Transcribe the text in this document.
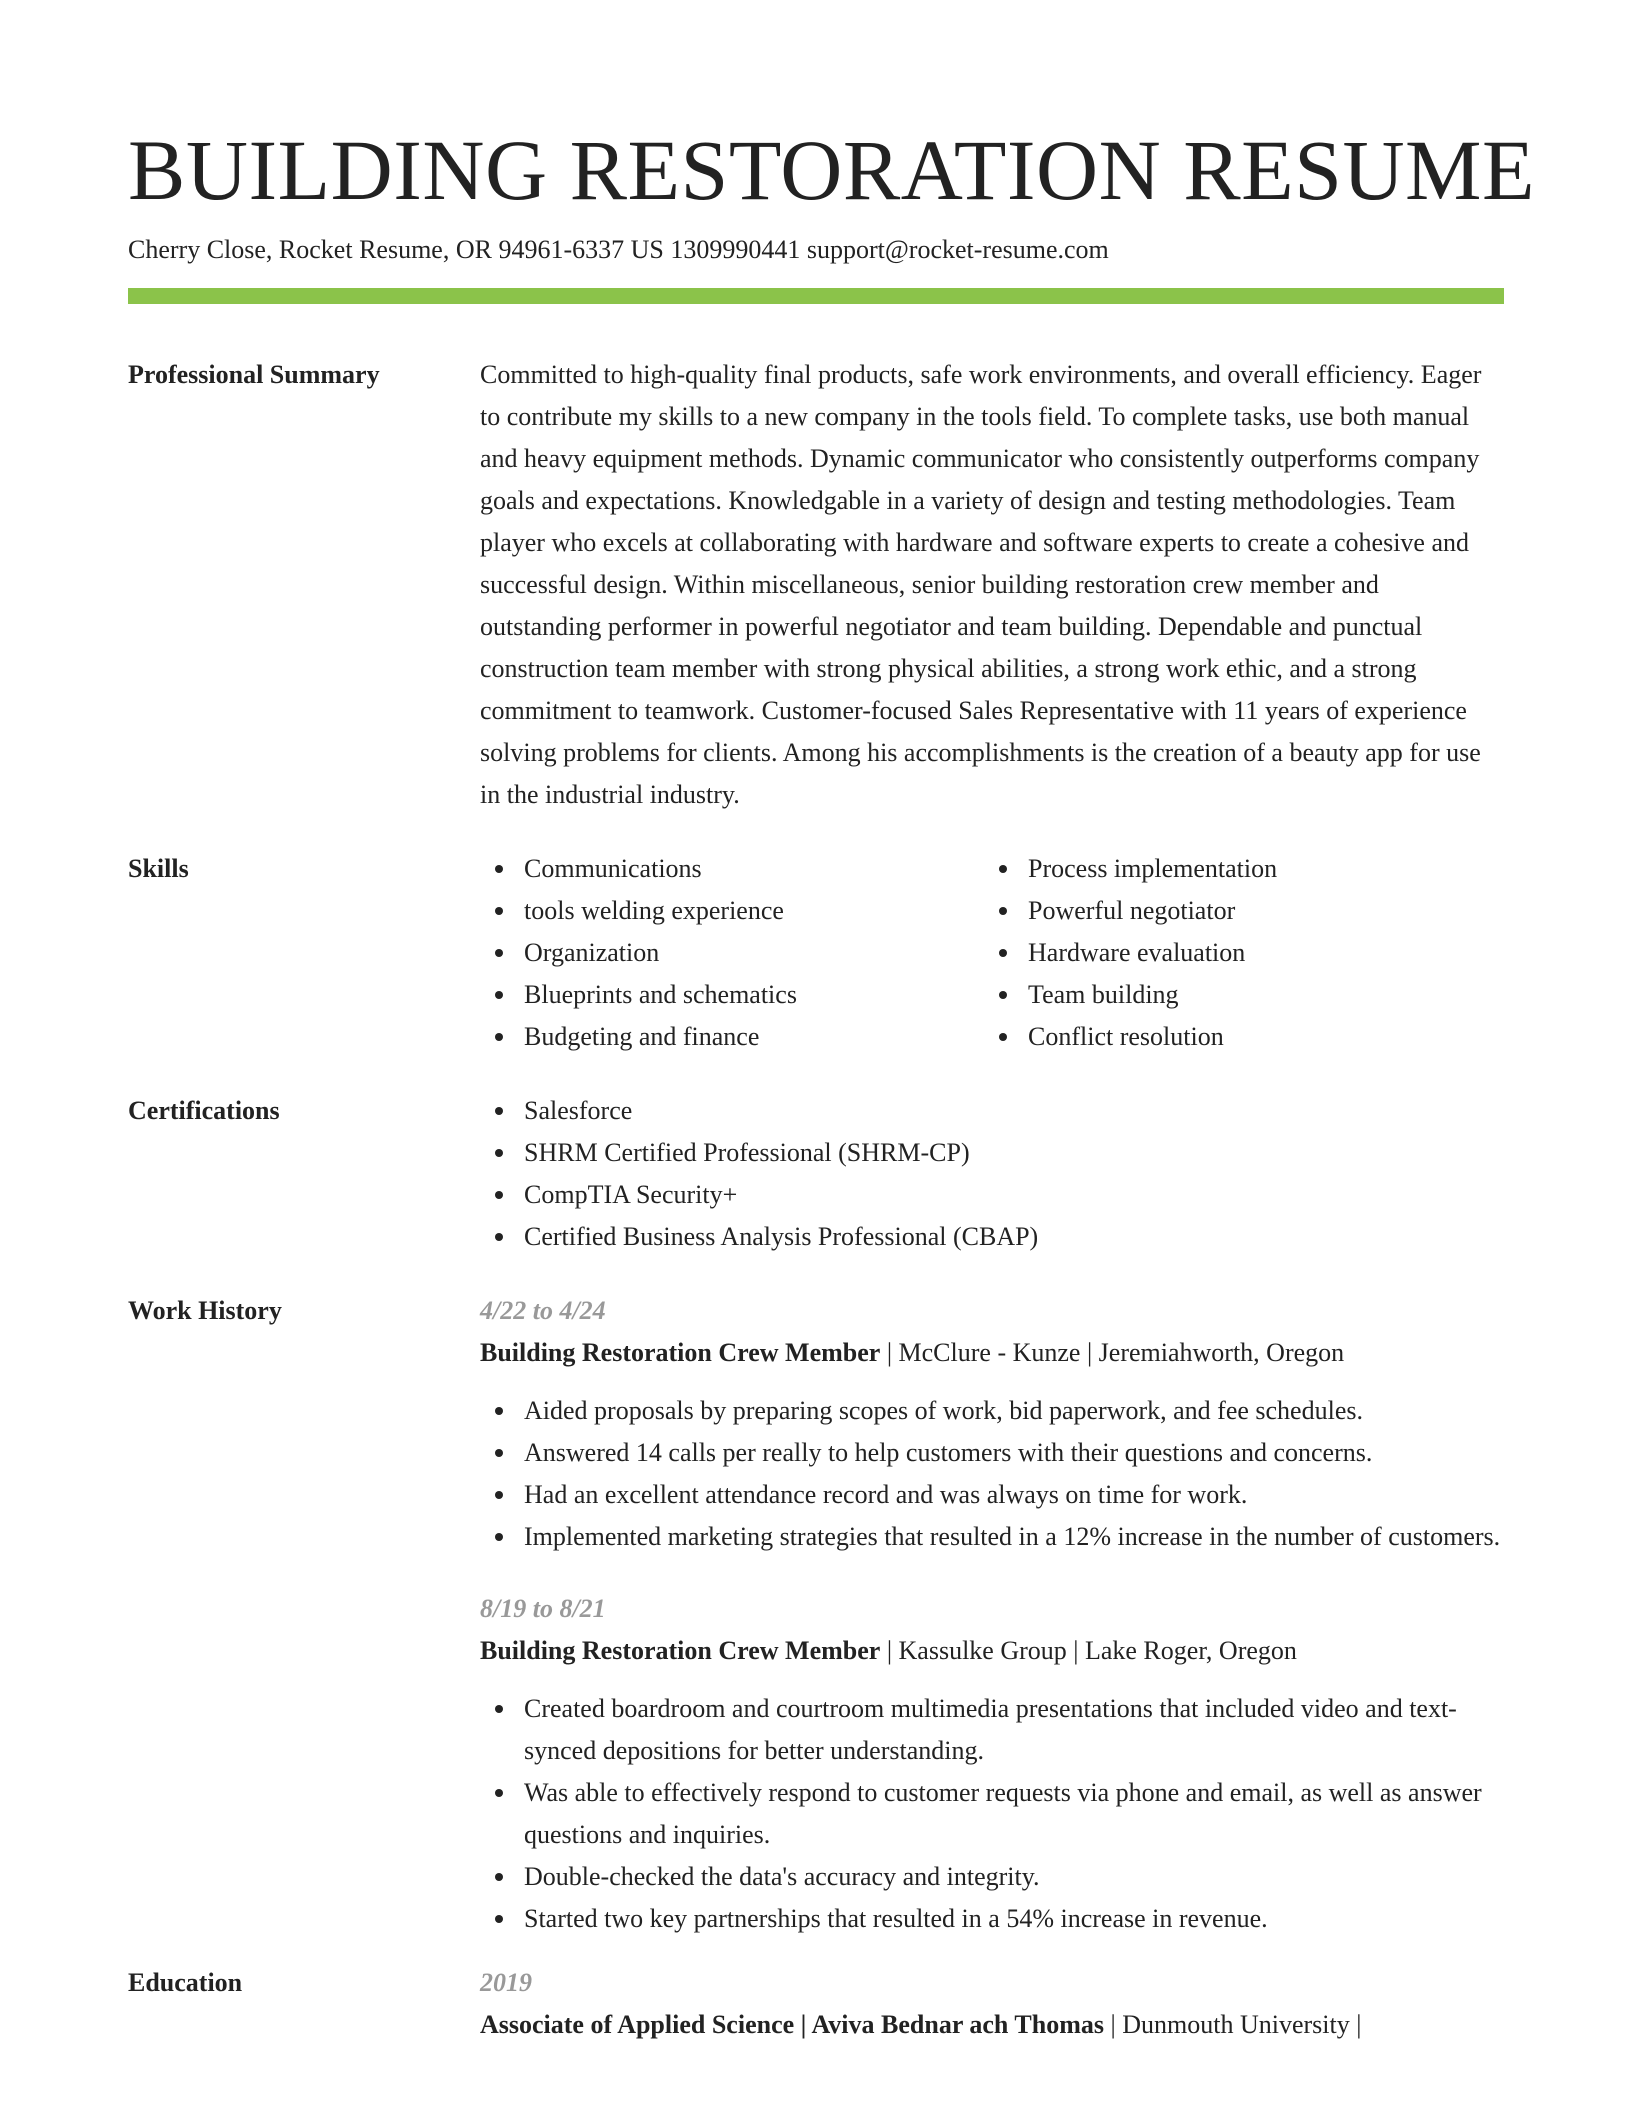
BUILDING RESTORATION RESUME
Cherry Close, Rocket Resume, OR 94961-6337 US 1309990441 support@rocket-resume.com
Professional Summary	Committed to high-quality final products, safe work environments, and overall efficiency. Eager to contribute my skills to a new company in the tools field. To complete tasks, use both manual and heavy equipment methods. Dynamic communicator who consistently outperforms company goals and expectations. Knowledgable in a variety of design and testing methodologies. Team player who excels at collaborating with hardware and software experts to create a cohesive and successful design. Within miscellaneous, senior building restoration crew member and outstanding performer in powerful negotiator and team building. Dependable and punctual construction team member with strong physical abilities, a strong work ethic, and a strong commitment to teamwork. Customer-focused Sales Representative with 11 years of experience solving problems for clients. Among his accomplishments is the creation of a beauty app for use in the industrial industry.
Skills	Communications
tools welding experience
Organization
Blueprints and schematics
Budgeting and finance
Process implementation
Powerful negotiator
Hardware evaluation
Team building
Conflict resolution
Certifications	Salesforce
SHRM Certified Professional (SHRM-CP)
CompTIA Security+
Certified Business Analysis Professional (CBAP)
Work History	4/22 to 4/24
Building Restoration Crew Member | McClure - Kunze | Jeremiahworth, Oregon
Aided proposals by preparing scopes of work, bid paperwork, and fee schedules.
Answered 14 calls per really to help customers with their questions and concerns.
Had an excellent attendance record and was always on time for work.
Implemented marketing strategies that resulted in a 12% increase in the number of customers.
8/19 to 8/21
Building Restoration Crew Member | Kassulke Group | Lake Roger, Oregon
Created boardroom and courtroom multimedia presentations that included video and text-synced depositions for better understanding.
Was able to effectively respond to customer requests via phone and email, as well as answer questions and inquiries.
Double-checked the data's accuracy and integrity.
Started two key partnerships that resulted in a 54% increase in revenue.
Education	2019
Associate of Applied Science | Aviva Bednar ach Thomas | Dunmouth University |
